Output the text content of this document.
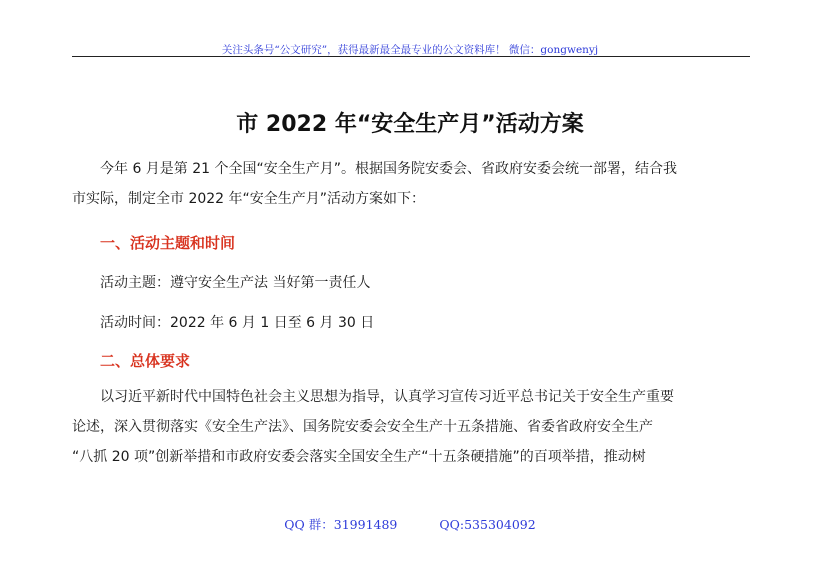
关注头条号“公文研究”，获得最新最全最专业的公文资料库！ 微信：gongwenyj
市 2022 年“安全生产月”活动方案
今年 6 月是第 21 个全国“安全生产月”。根据国务院安委会、省政府安委会统一部署，结合我
市实际，制定全市 2022 年“安全生产月”活动方案如下：
一、活动主题和时间
活动主题：遵守安全生产法 当好第一责任人
活动时间：2022 年 6 月 1 日至 6 月 30 日
二、总体要求
以习近平新时代中国特色社会主义思想为指导，认真学习宣传习近平总书记关于安全生产重要
论述，深入贯彻落实《安全生产法》、国务院安委会安全生产十五条措施、省委省政府安全生产
“八抓 20 项”创新举措和市政府安委会落实全国安全生产“十五条硬措施”的百项举措，推动树
QQ 群：31991489	QQ:535304092
